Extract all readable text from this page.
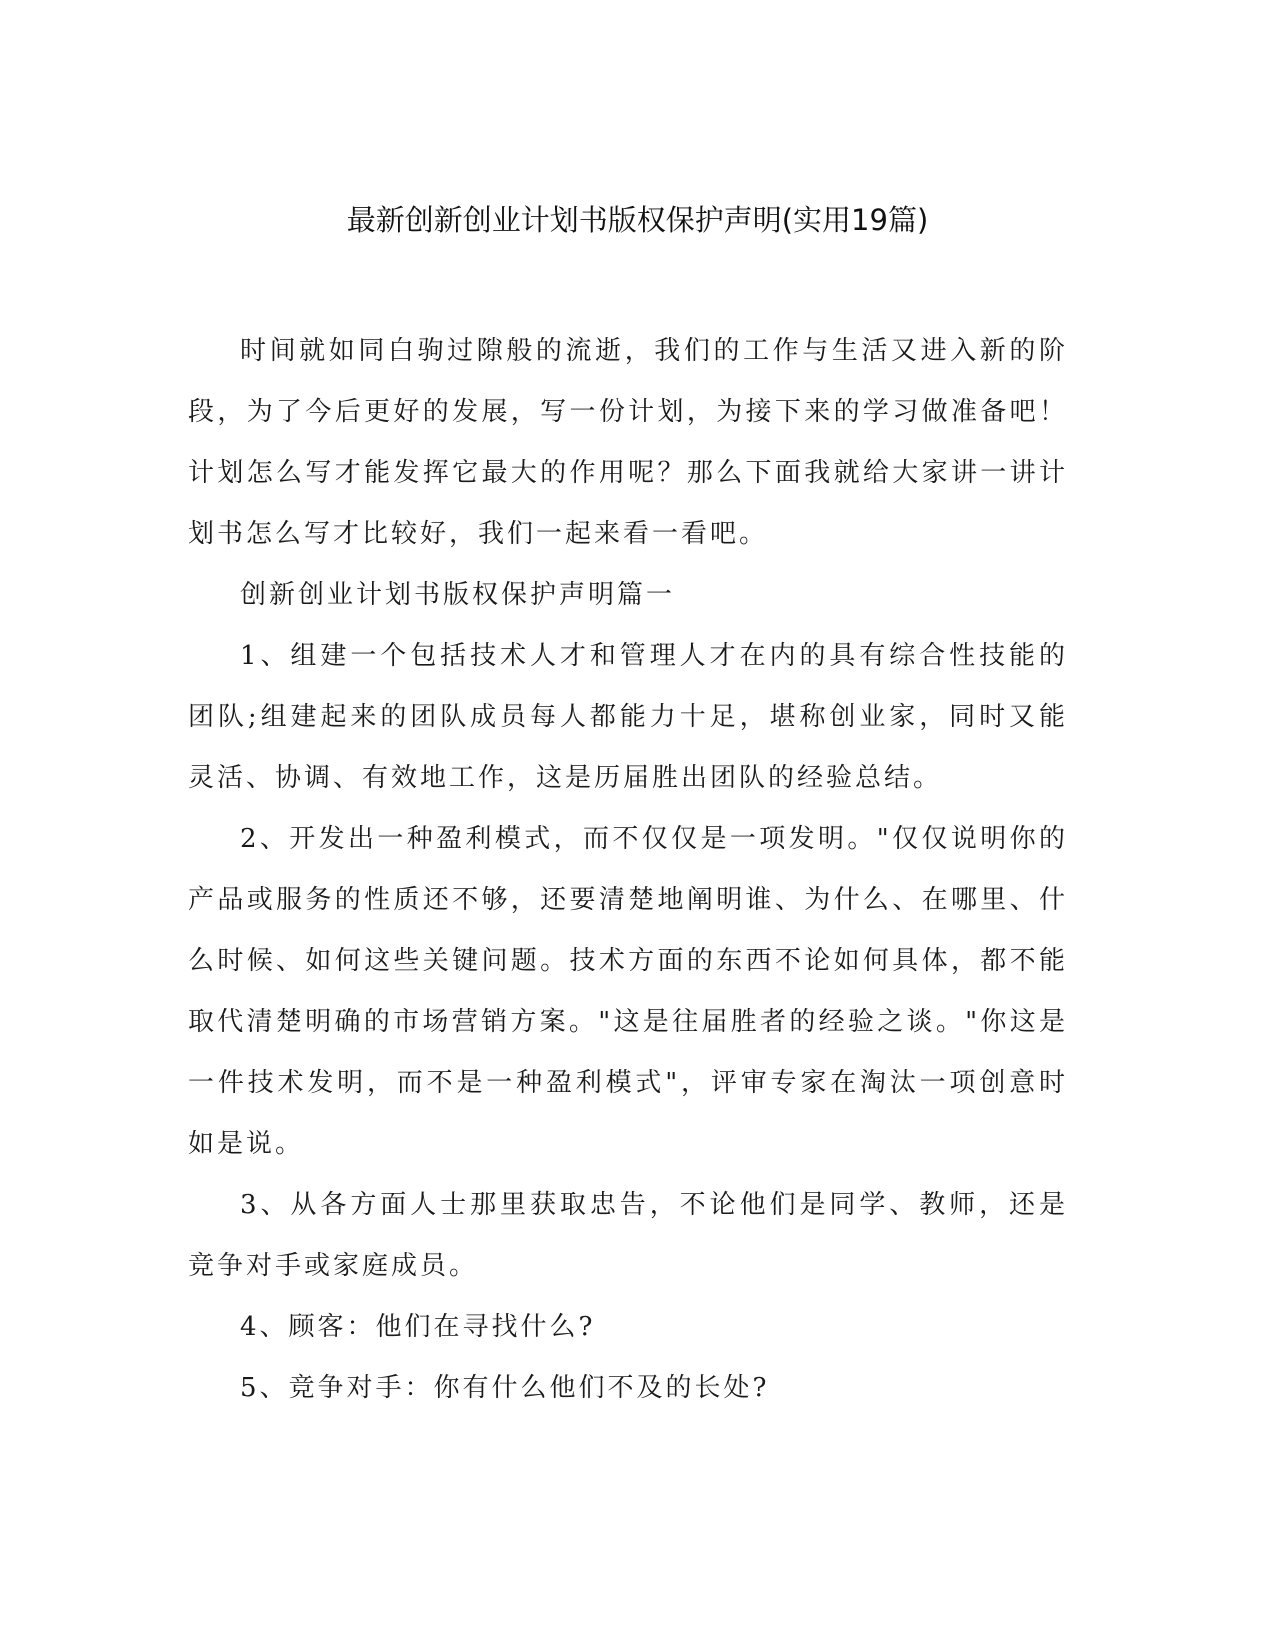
最新创新创业计划书版权保护声明(实用19篇)

时间就如同白驹过隙般的流逝，我们的工作与生活又进入新的阶段，为了今后更好的发展，写一份计划，为接下来的学习做准备吧！计划怎么写才能发挥它最大的作用呢？那么下面我就给大家讲一讲计划书怎么写才比较好，我们一起来看一看吧。

创新创业计划书版权保护声明篇一

1、组建一个包括技术人才和管理人才在内的具有综合性技能的团队;组建起来的团队成员每人都能力十足，堪称创业家，同时又能灵活、协调、有效地工作，这是历届胜出团队的经验总结。

2、开发出一种盈利模式，而不仅仅是一项发明。"仅仅说明你的产品或服务的性质还不够，还要清楚地阐明谁、为什么、在哪里、什么时候、如何这些关键问题。技术方面的东西不论如何具体，都不能取代清楚明确的市场营销方案。"这是往届胜者的经验之谈。"你这是一件技术发明，而不是一种盈利模式"，评审专家在淘汰一项创意时如是说。

3、从各方面人士那里获取忠告，不论他们是同学、教师，还是竞争对手或家庭成员。

4、顾客：他们在寻找什么?

5、竞争对手：你有什么他们不及的长处?
